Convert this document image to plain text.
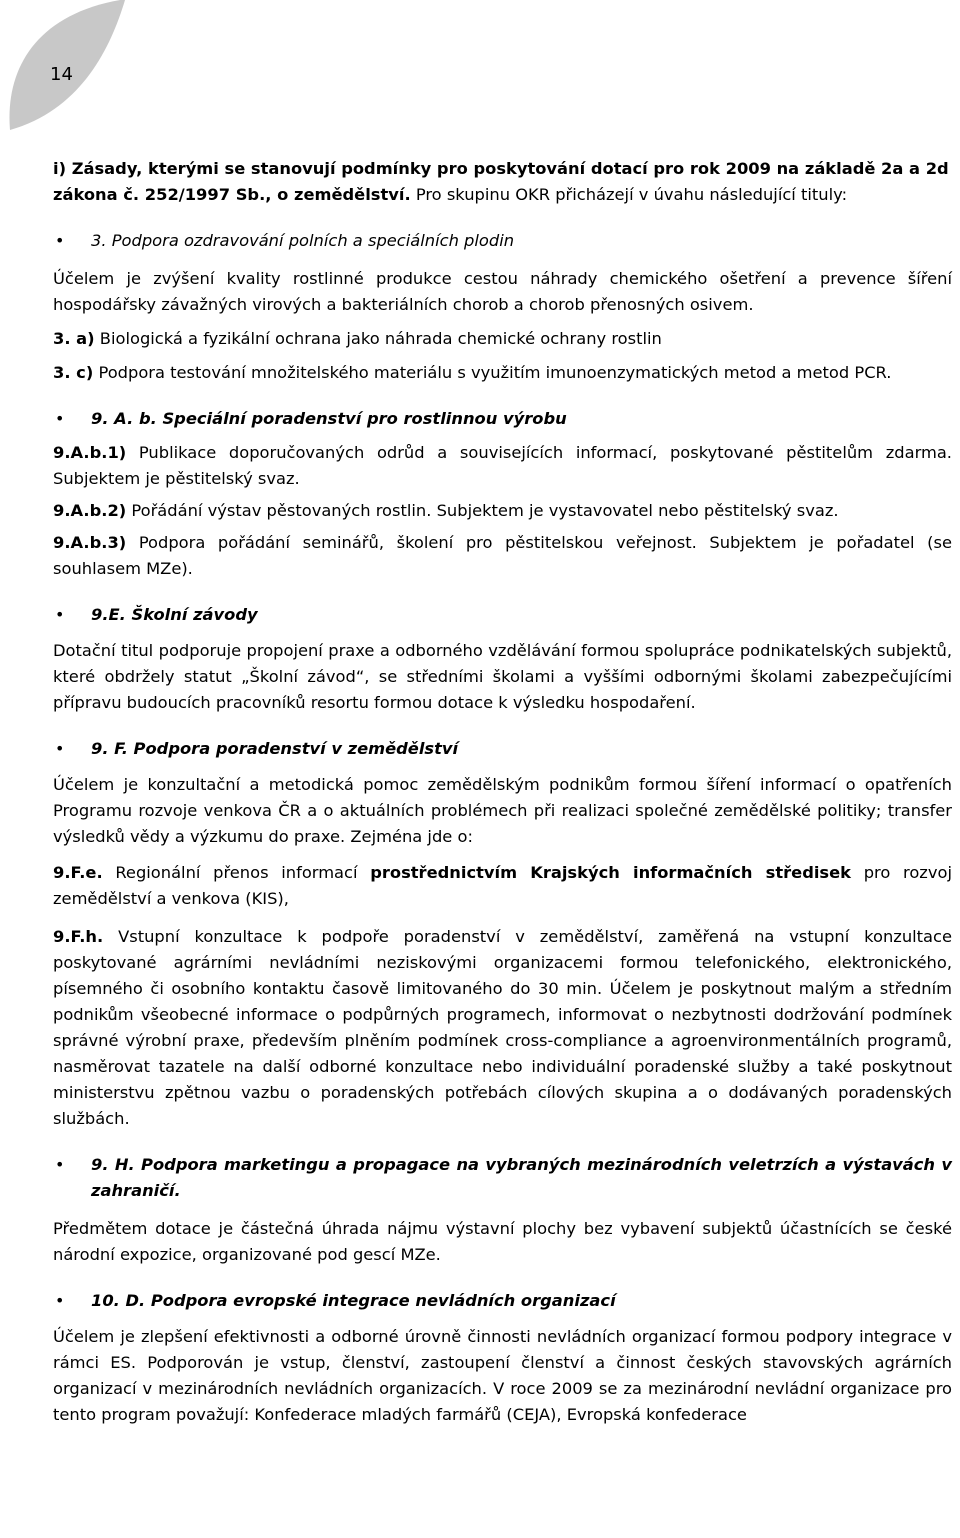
14

i) Zásady, kterými se stanovují podmínky pro poskytování dotací pro rok 2009 na základě 2a a 2d zákona č. 252/1997 Sb., o zemědělství. Pro skupinu OKR přicházejí v úvahu následující tituly:

• 3. Podpora ozdravování polních a speciálních plodin

Účelem je zvýšení kvality rostlinné produkce cestou náhrady chemického ošetření a prevence šíření hospodářsky závažných virových a bakteriálních chorob a chorob přenosných osivem.

3. a) Biologická a fyzikální ochrana jako náhrada chemické ochrany rostlin

3. c) Podpora testování množitelského materiálu s využitím imunoenzymatických metod a metod PCR.

• 9. A. b. Speciální poradenství pro rostlinnou výrobu

9.A.b.1) Publikace doporučovaných odrůd a souvisejících informací, poskytované pěstitelům zdarma. Subjektem je pěstitelský svaz.

9.A.b.2) Pořádání výstav pěstovaných rostlin. Subjektem je vystavovatel nebo pěstitelský svaz.

9.A.b.3) Podpora pořádání seminářů, školení pro pěstitelskou veřejnost. Subjektem je pořadatel (se souhlasem MZe).

• 9.E. Školní závody

Dotační titul podporuje propojení praxe a odborného vzdělávání formou spolupráce podnikatelských subjektů, které obdržely statut „Školní závod“, se středními školami a vyššími odbornými školami zabezpečujícími přípravu budoucích pracovníků resortu formou dotace k výsledku hospodaření.

• 9. F. Podpora poradenství v zemědělství

Účelem je konzultační a metodická pomoc zemědělským podnikům formou šíření informací o opatřeních Programu rozvoje venkova ČR a o aktuálních problémech při realizaci společné zemědělské politiky; transfer výsledků vědy a výzkumu do praxe. Zejména jde o:

9.F.e. Regionální přenos informací prostřednictvím Krajských informačních středisek pro rozvoj zemědělství a venkova (KIS),

9.F.h. Vstupní konzultace k podpoře poradenství v zemědělství, zaměřená na vstupní konzultace poskytované agrárními nevládními neziskovými organizacemi formou telefonického, elektronického, písemného či osobního kontaktu časově limitovaného do 30 min. Účelem je poskytnout malým a středním podnikům všeobecné informace o podpůrných programech, informovat o nezbytnosti dodržování podmínek správné výrobní praxe, především plněním podmínek cross-compliance a agroenvironmentálních programů, nasměrovat tazatele na další odborné konzultace nebo individuální poradenské služby a také poskytnout ministerstvu zpětnou vazbu o poradenských potřebách cílových skupina a o dodávaných poradenských službách.

• 9. H. Podpora marketingu a propagace na vybraných mezinárodních veletrzích a výstavách v zahraničí.

Předmětem dotace je částečná úhrada nájmu výstavní plochy bez vybavení subjektů účastnících se české národní expozice, organizované pod gescí MZe.

• 10. D. Podpora evropské integrace nevládních organizací

Účelem je zlepšení efektivnosti a odborné úrovně činnosti nevládních organizací formou podpory integrace v rámci ES. Podporován je vstup, členství, zastoupení členství a činnost českých stavovských agrárních organizací v mezinárodních nevládních organizacích. V roce 2009 se za mezinárodní nevládní organizace pro tento program považují: Konfederace mladých farmářů (CEJA), Evropská konfederace
